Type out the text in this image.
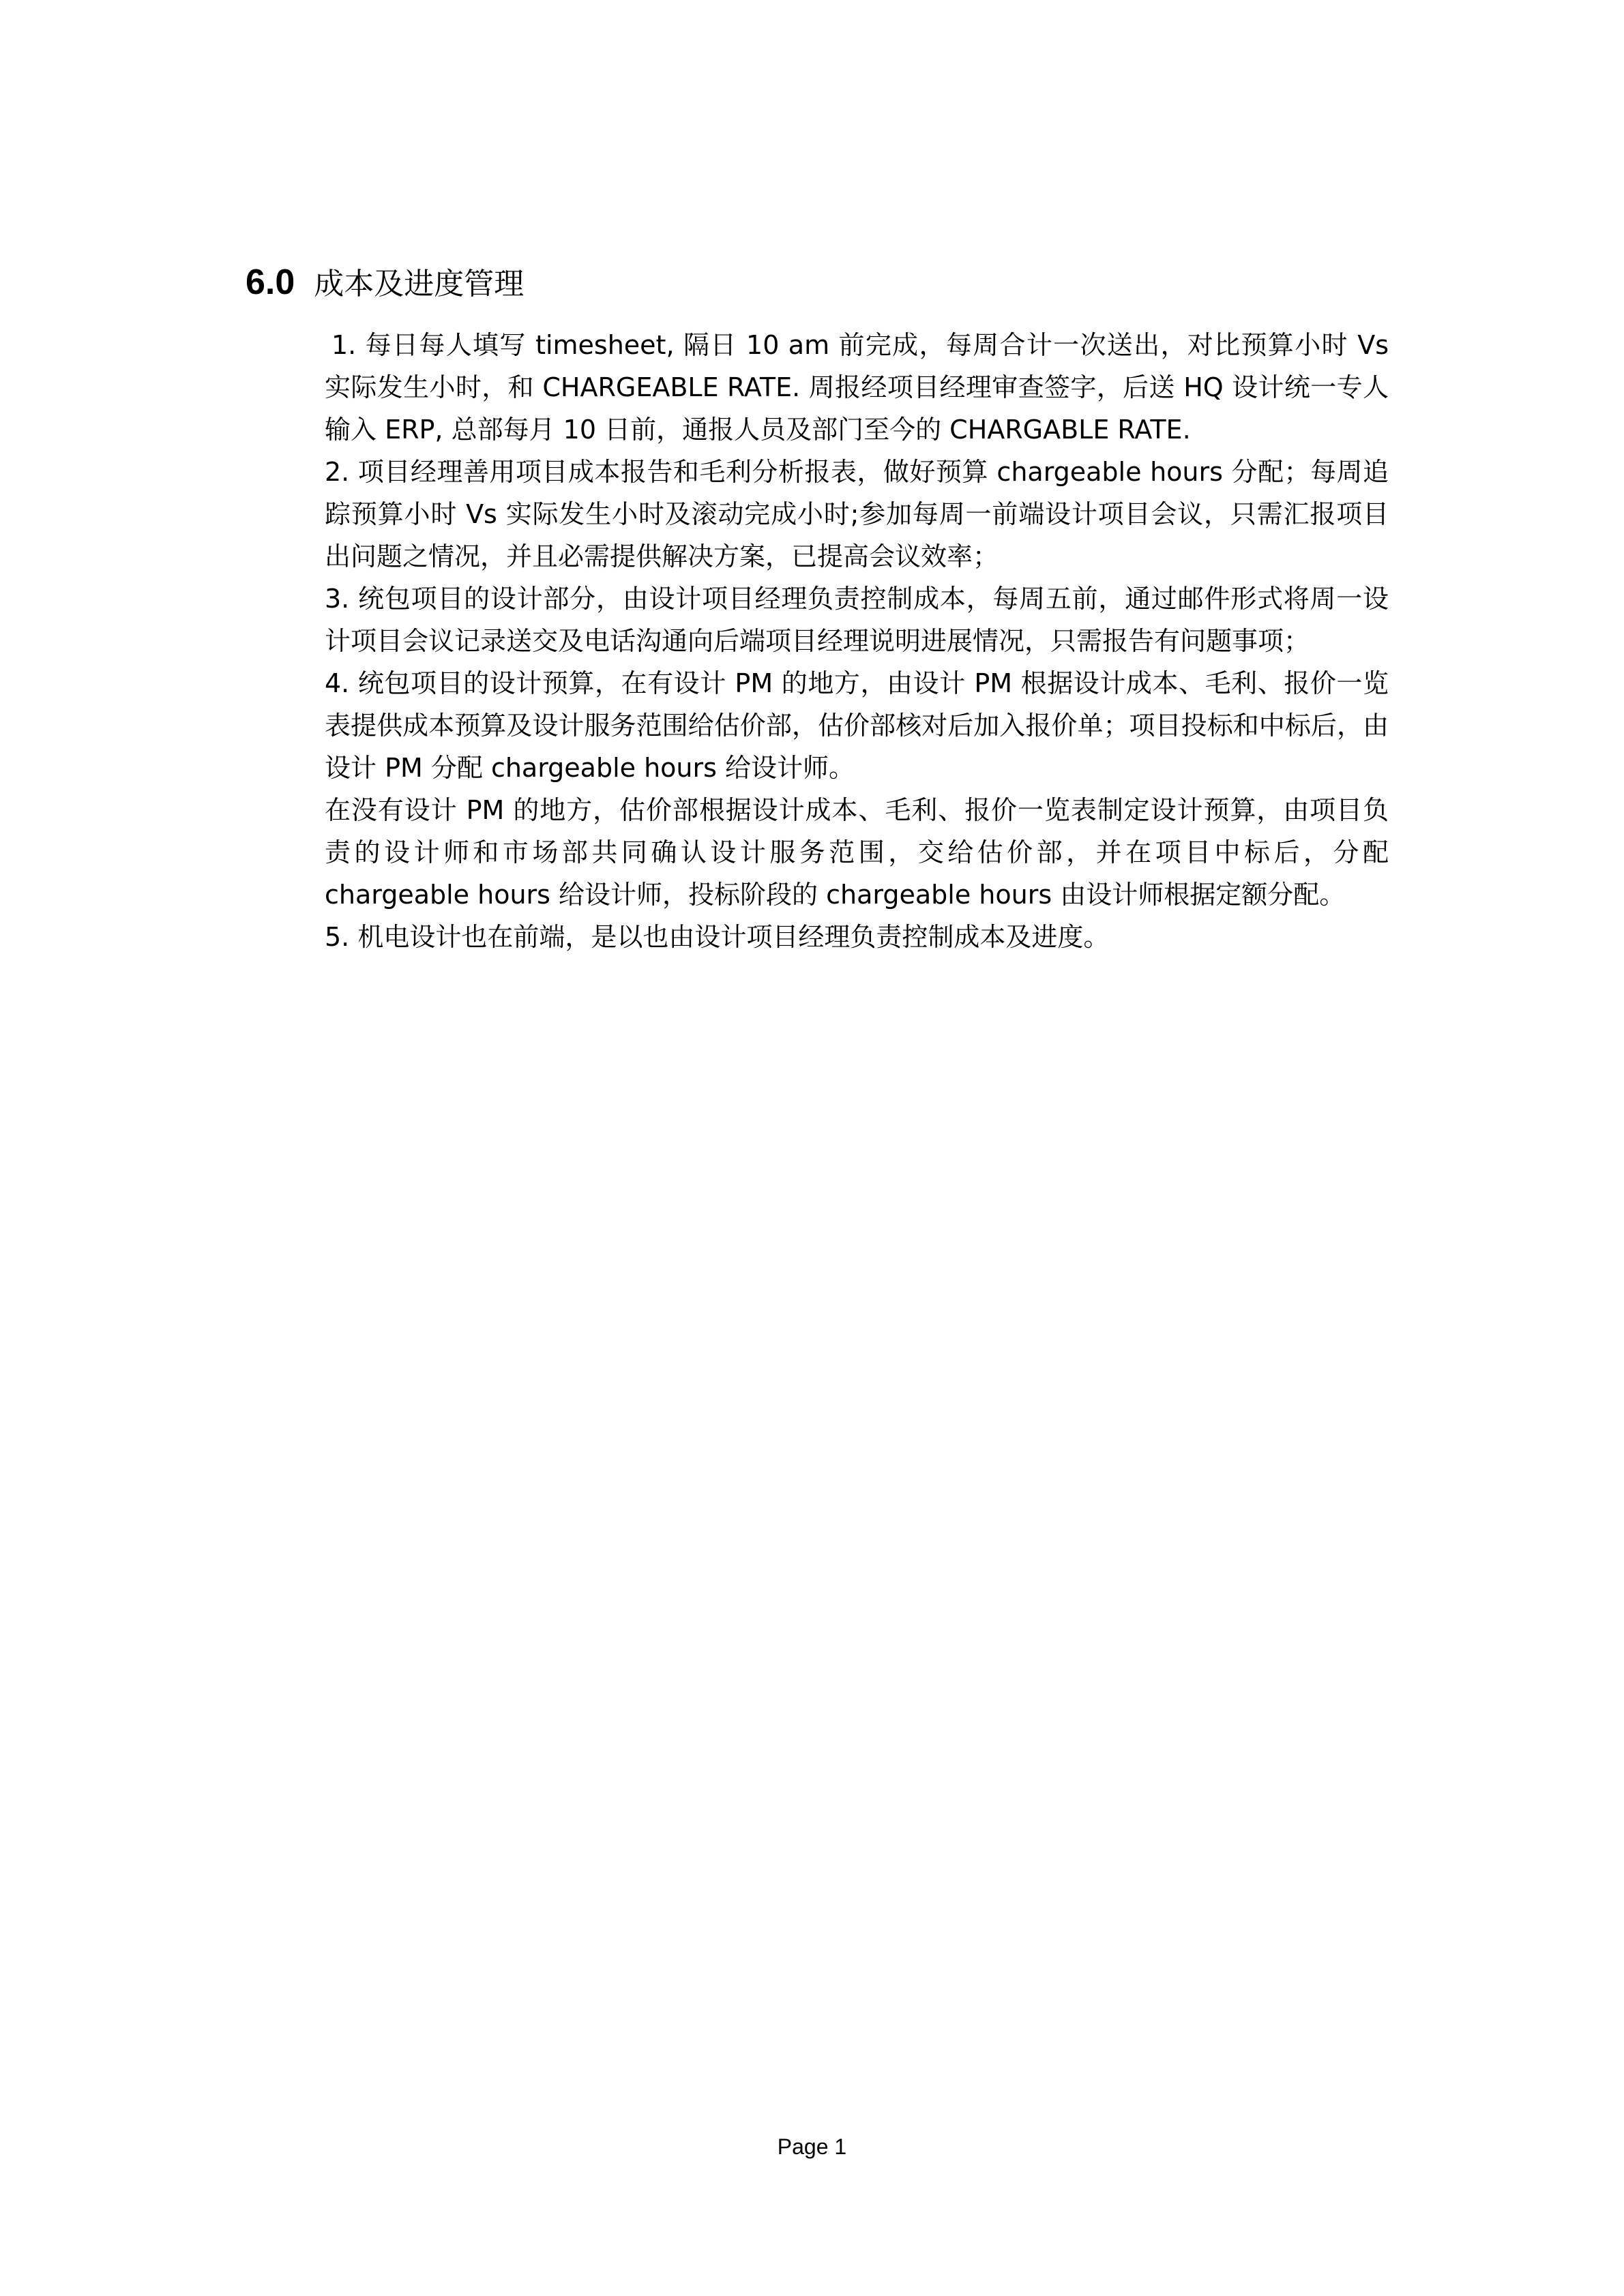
6.0 成本及进度管理

1. 每日每人填写 timesheet, 隔日 10 am 前完成，每周合计一次送出，对比预算小时 Vs 实际发生小时，和 CHARGEABLE RATE. 周报经项目经理审查签字，后送 HQ 设计统一专人输入 ERP, 总部每月 10 日前，通报人员及部门至今的 CHARGABLE RATE.

2. 项目经理善用项目成本报告和毛利分析报表，做好预算 chargeable hours 分配；每周追踪预算小时 Vs 实际发生小时及滚动完成小时;参加每周一前端设计项目会议，只需汇报项目出问题之情况，并且必需提供解决方案，已提高会议效率；

3. 统包项目的设计部分，由设计项目经理负责控制成本，每周五前，通过邮件形式将周一设计项目会议记录送交及电话沟通向后端项目经理说明进展情况，只需报告有问题事项；

4. 统包项目的设计预算，在有设计 PM 的地方，由设计 PM 根据设计成本、毛利、报价一览表提供成本预算及设计服务范围给估价部，估价部核对后加入报价单；项目投标和中标后，由设计 PM 分配 chargeable hours 给设计师。

在没有设计 PM 的地方，估价部根据设计成本、毛利、报价一览表制定设计预算，由项目负责的设计师和市场部共同确认设计服务范围，交给估价部，并在项目中标后，分配 chargeable hours 给设计师，投标阶段的 chargeable hours 由设计师根据定额分配。

5. 机电设计也在前端，是以也由设计项目经理负责控制成本及进度。

Page 1
